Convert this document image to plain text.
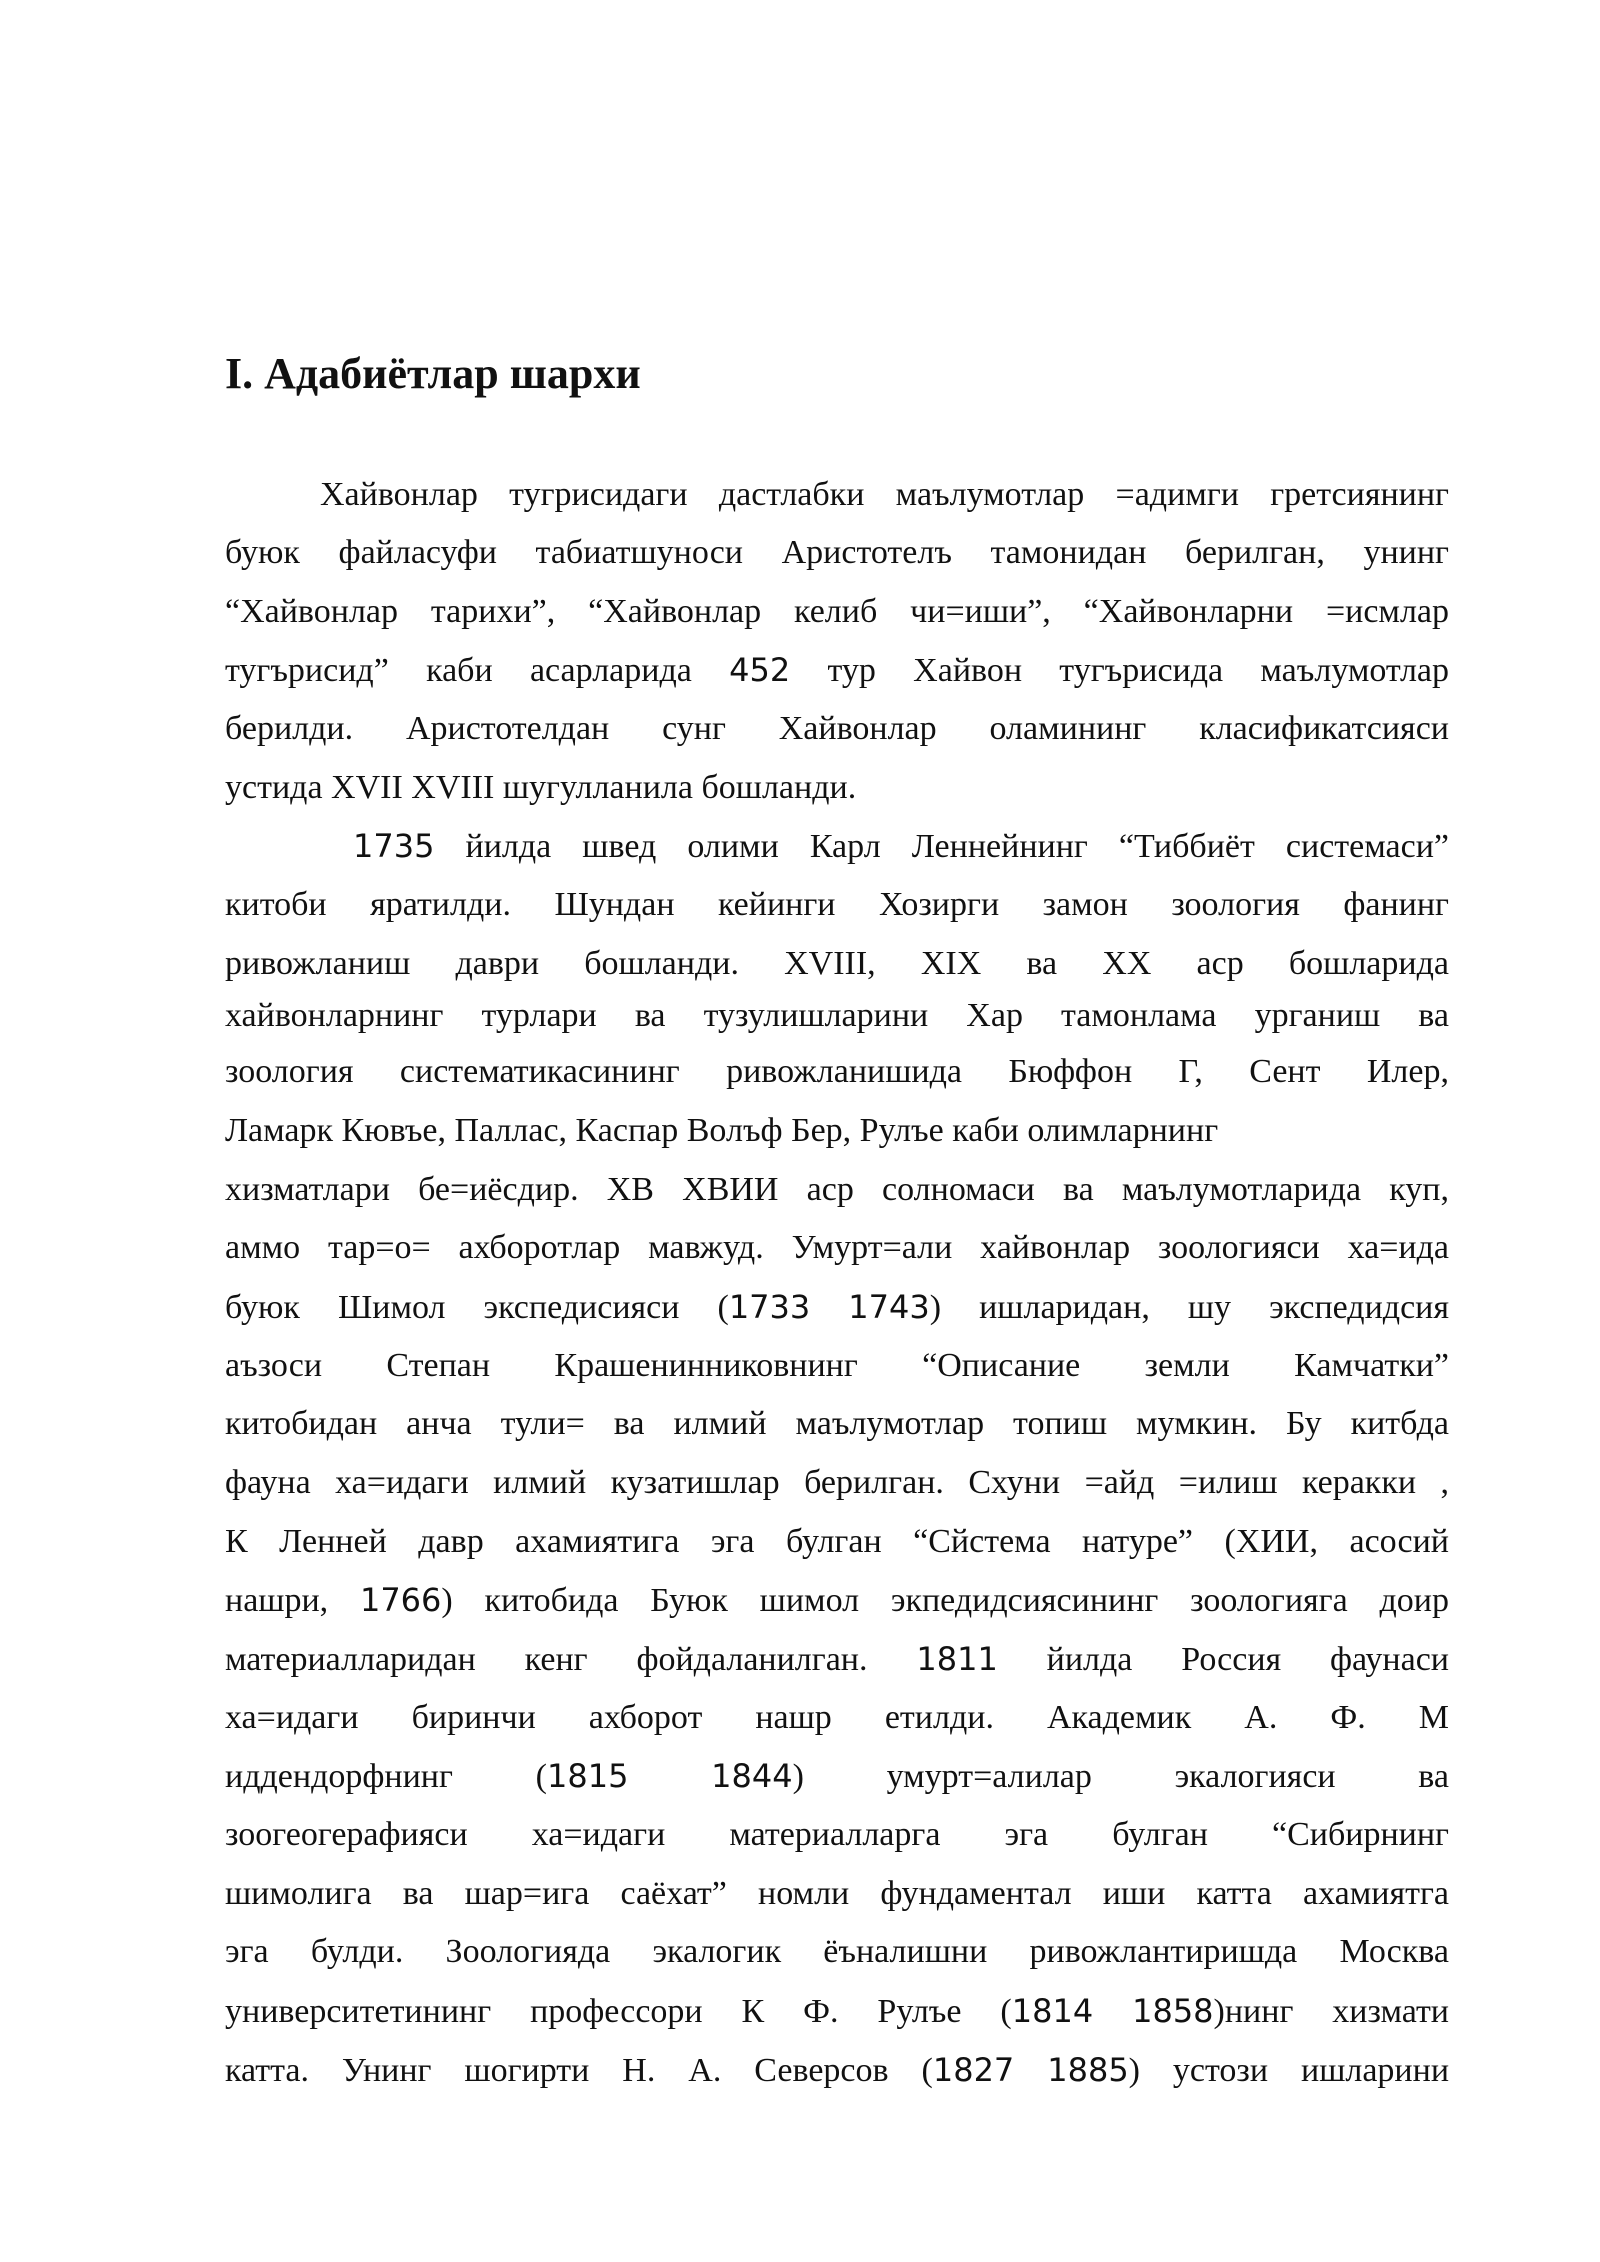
I. Адабиётлар шархи
Хайвонлар тугрисидаги дастлабки маълумотлар =адимги гретсиянинг
буюк файласуфи табиатшуноси Аристотелъ тамонидан берилган, унинг
“Хайвонлар тарихи”, “Хайвонлар келиб чи=иши”, “Хайвонларни =исмлар
тугърисид” каби асарларида 452 тур Хайвон тугърисида маълумотлар
берилди. Аристотелдан сунг Хайвонлар оламининг класификатсияси
устида XVII XVIII шугулланила бошланди.
1735 йилда швед олими Карл Леннейнинг “Тиббиёт системаси”
китоби яратилди. Шундан кейинги Хозирги замон зоология фанинг
ривожланиш даври бошланди. XVIII, XIX ва XX аср бошларида
хайвонларнинг турлари ва тузулишларини Хар тамонлама урганиш ва
зоология систематикасининг ривожланишида Бюффон Г, Сент Илер,
Ламарк Кювъе, Паллас, Каспар Волъф Бер, Рулъе каби олимларнинг
хизматлари бе=иёсдир. ХВ ХВИИ аср солномаси ва маълумотларида куп,
аммо тар=о= ахборотлар мавжуд. Умурт=али хайвонлар зоологияси ха=ида
буюк Шимол экспедисияси (1733 1743) ишларидан, шу экспедидсия
аъзоси Степан Крашенинниковнинг “Описание земли Камчатки”
китобидан анча тули= ва илмий маълумотлар топиш мумкин. Бу китбда
фауна ха=идаги илмий кузатишлар берилган. Схуни =айд =илиш керакки ,
К Ленней давр ахамиятига эга булган “Сйстема натуре” (ХИИ, асосий
нашри, 1766) китобида Буюк шимол экпедидсиясининг зоологияга доир
материалларидан кенг фойдаланилган. 1811 йилда Россия фаунаси
ха=идаги биринчи ахборот нашр етилди. Академик А. Ф. М
иддендорфнинг (1815	1844) умурт=алилар экалогияси ва
зоогеогерафияси ха=идаги материалларга эга булган “Сибирнинг
шимолига ва шар=ига саёхат” номли фундаментал иши катта ахамиятга
эга булди. Зоологияда экалогик ёъналишни ривожлантиришда Москва
университетининг профессори К Ф. Рулъе (1814 1858)нинг хизмати
катта. Унинг шогирти Н. А. Северсов (1827 1885) устози ишларини
